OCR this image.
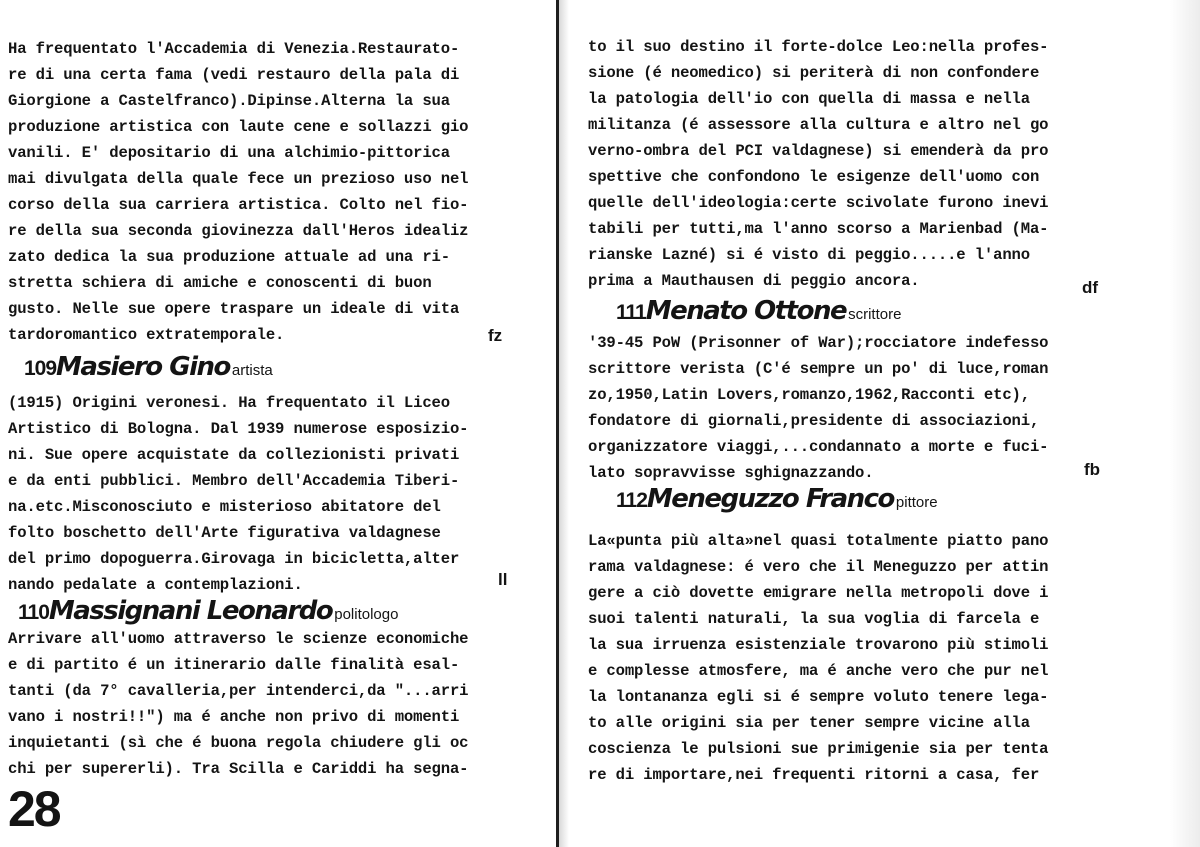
Ha frequentato l'Accademia di Venezia.Restaurato-
re di una certa fama (vedi restauro della pala di
Giorgione a Castelfranco).Dipinse.Alterna la sua
produzione artistica con laute cene e sollazzi gio
vanili. E' depositario di una alchimio-pittorica
mai divulgata della quale fece un prezioso uso nel
corso della sua carriera artistica. Colto nel fio-
re della sua seconda giovinezza dall'Heros idealiz
zato dedica la sua produzione attuale ad una ri-
stretta schiera di amiche e conoscenti di buon
gusto. Nelle sue opere traspare un ideale di vita
tardoromantico extratemporale.	fz
109Masiero Gino artista
(1915) Origini veronesi. Ha frequentato il Liceo
Artistico di Bologna. Dal 1939 numerose esposizio-
ni. Sue opere acquistate da collezionisti privati
e da enti pubblici. Membro dell'Accademia Tiberi-
na.etc.Misconosciuto e misterioso abitatore del
folto boschetto dell'Arte figurativa valdagnese
del primo dopoguerra.Girovaga in bicicletta,alter
nando pedalate a contemplazioni.	ll
110Massignani Leonardo politologo
Arrivare all'uomo attraverso le scienze economiche
e di partito é un itinerario dalle finalità esal-
tanti (da 7° cavalleria,per intenderci,da "...arri
vano i nostri!!") ma é anche non privo di momenti
inquietanti (sì che é buona regola chiudere gli oc
chi per supererli). Tra Scilla e Cariddi ha segna-
28
to il suo destino il forte-dolce Leo:nella profes-
sione (é neomedico) si periterà di non confondere
la patologia dell'io con quella di massa e nella
militanza (é assessore alla cultura e altro nel go
verno-ombra del PCI valdagnese) si emenderà da pro
spettive che confondono le esigenze dell'uomo con
quelle dell'ideologia:certe scivolate furono inevi
tabili per tutti,ma l'anno scorso a Marienbad (Ma-
rianske Lazné) si é visto di peggio.....e l'anno
prima a Mauthausen di peggio ancora.	df
111Menato Ottone scrittore
'39-45 PoW (Prisonner of War);rocciatore indefesso
scrittore verista (C'é sempre un po' di luce,roman
zo,1950,Latin Lovers,romanzo,1962,Racconti etc),
fondatore di giornali,presidente di associazioni,
organizzatore viaggi,...condannato a morte e fuci-
lato sopravvisse sghignazzando.	fb
112Meneguzzo Franco pittore
La«punta più alta»nel quasi totalmente piatto pano
rama valdagnese: é vero che il Meneguzzo per attin
gere a ciò dovette emigrare nella metropoli dove i
suoi talenti naturali, la sua voglia di farcela e
la sua irruenza esistenziale trovarono più stimoli
e complesse atmosfere, ma é anche vero che pur nel
la lontananza egli si é sempre voluto tenere lega-
to alle origini sia per tener sempre vicine alla
coscienza le pulsioni sue primigenie sia per tenta
re di importare,nei frequenti ritorni a casa, fer
